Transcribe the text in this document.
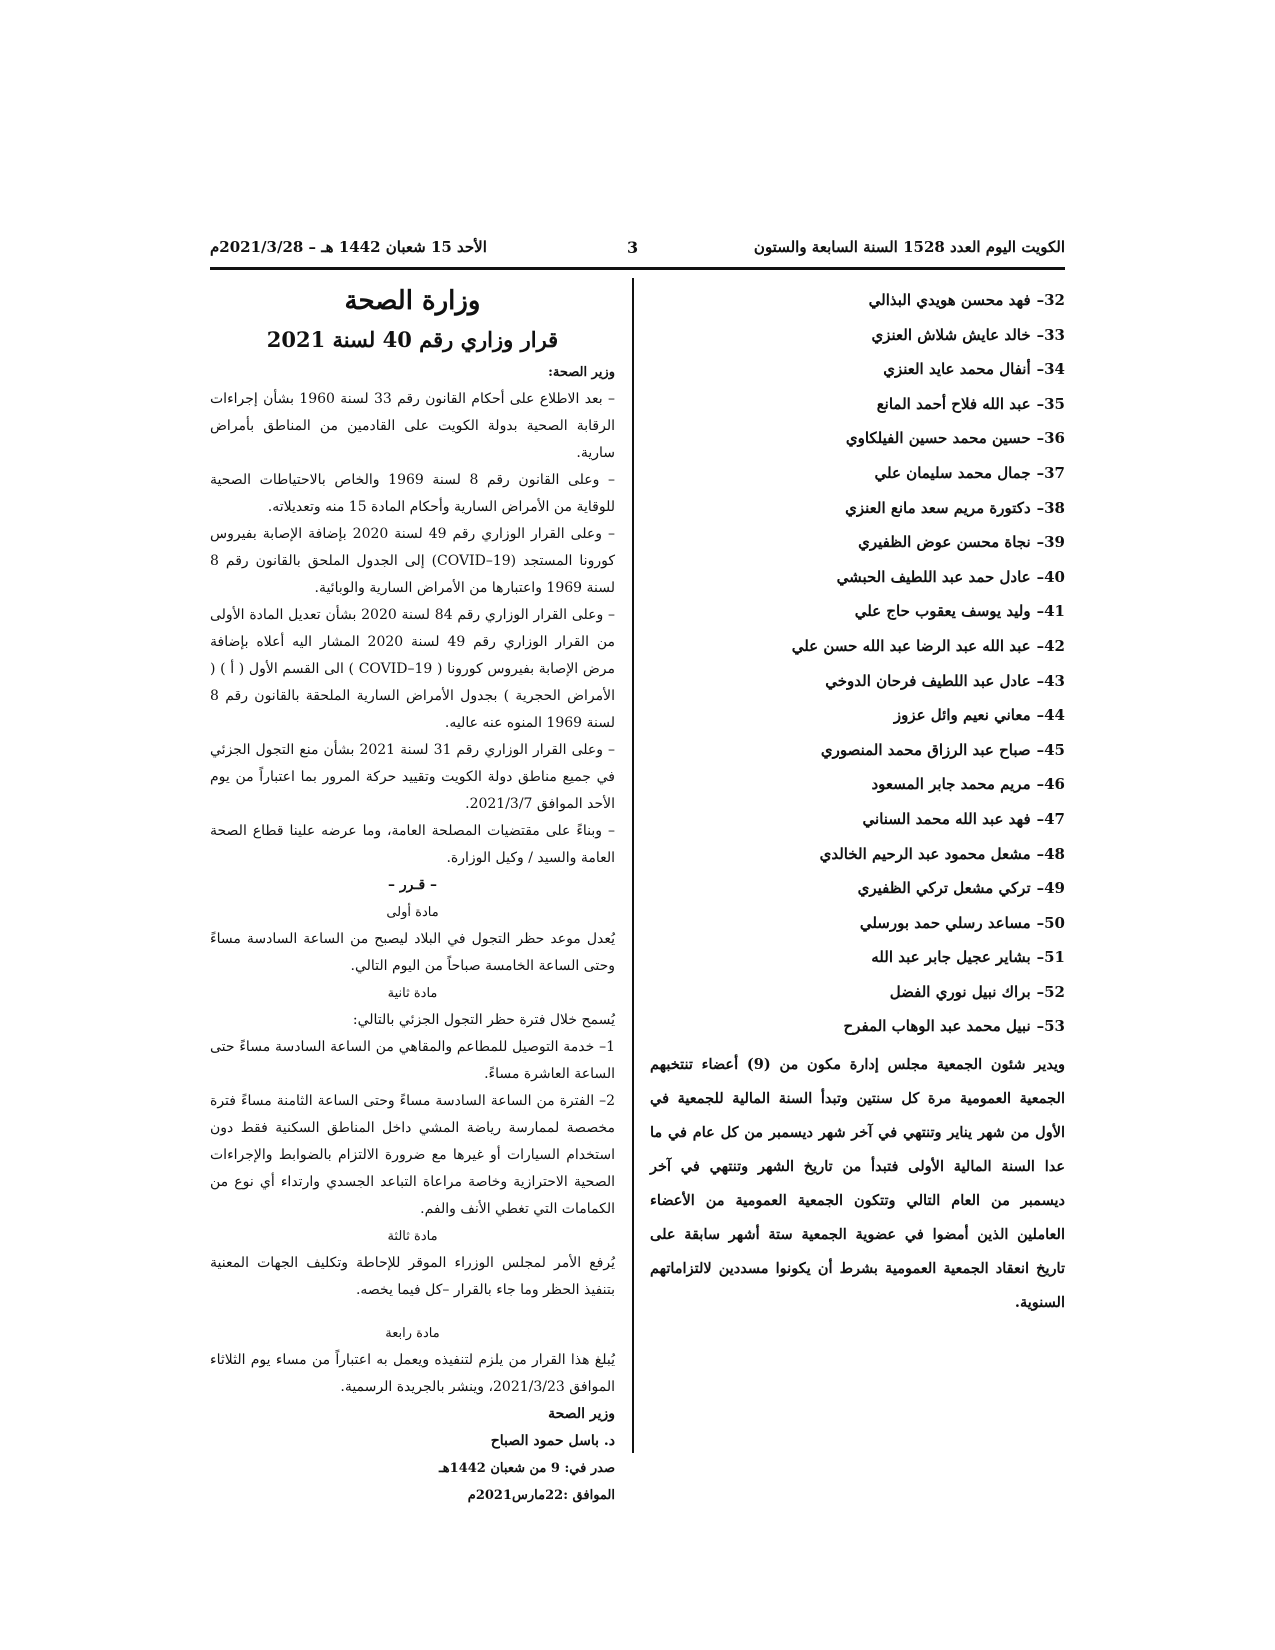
الكويت اليوم العدد 1528 السنة السابعة والستون
3
الأحد 15 شعبان 1442 هـ – 2021/3/28م
32–فهد محسن هويدي البذالي
33–خالد عايش شلاش العنزي
34–أنفال محمد عايد العنزي
35–عبد الله فلاح أحمد المانع
36–حسين محمد حسين الفيلكاوي
37–جمال محمد سليمان علي
38–دكتورة مريم سعد مانع العنزي
39–نجاة محسن عوض الظفيري
40–عادل حمد عبد اللطيف الحبشي
41–وليد يوسف يعقوب حاج علي
42–عبد الله عبد الرضا عبد الله حسن علي
43–عادل عبد اللطيف فرحان الدوخي
44–معاني نعيم وائل عزوز
45–صباح عبد الرزاق محمد المنصوري
46–مريم محمد جابر المسعود
47–فهد عبد الله محمد السناني
48–مشعل محمود عبد الرحيم الخالدي
49–تركي مشعل تركي الظفيري
50–مساعد رسلي حمد بورسلي
51–بشاير عجيل جابر عبد الله
52–براك نبيل نوري الفضل
53–نبيل محمد عبد الوهاب المفرح

ويدير شئون الجمعية مجلس إدارة مكون من (9) أعضاء تنتخبهم الجمعية العمومية مرة كل سنتين وتبدأ السنة المالية للجمعية في الأول من شهر يناير وتنتهي في آخر شهر ديسمبر من كل عام في ما عدا السنة المالية الأولى فتبدأ من تاريخ الشهر وتنتهي في آخر ديسمبر من العام التالي وتتكون الجمعية العمومية من الأعضاء العاملين الذين أمضوا في عضوية الجمعية ستة أشهر سابقة على تاريخ انعقاد الجمعية العمومية بشرط أن يكونوا مسددين لالتزاماتهم السنوية.

وزارة الصحة
قرار وزاري رقم 40 لسنة 2021

وزير الصحة:

– بعد الاطلاع على أحكام القانون رقم 33 لسنة 1960 بشأن إجراءات الرقابة الصحية بدولة الكويت على القادمين من المناطق بأمراض سارية.

– وعلى القانون رقم 8 لسنة 1969 والخاص بالاحتياطات الصحية للوقاية من الأمراض السارية وأحكام المادة 15 منه وتعديلاته.

– وعلى القرار الوزاري رقم 49 لسنة 2020 بإضافة الإصابة بفيروس كورونا المستجد (COVID–19) إلى الجدول الملحق بالقانون رقم 8 لسنة 1969 واعتبارها من الأمراض السارية والوبائية.

– وعلى القرار الوزاري رقم 84 لسنة 2020 بشأن تعديل المادة الأولى من القرار الوزاري رقم 49 لسنة 2020 المشار اليه أعلاه بإضافة مرض الإصابة بفيروس كورونا ( COVID–19 ) الى القسم الأول ( أ ) ( الأمراض الحجرية ) بجدول الأمراض السارية الملحقة بالقانون رقم 8 لسنة 1969 المنوه عنه عاليه.

– وعلى القرار الوزاري رقم 31 لسنة 2021 بشأن منع التجول الجزئي في جميع مناطق دولة الكويت وتقييد حركة المرور بما اعتباراً من يوم الأحد الموافق 2021/3/7.

– وبناءً على مقتضيات المصلحة العامة، وما عرضه علينا قطاع الصحة العامة والسيد / وكيل الوزارة.

– قـرر –

مادة أولى

يُعدل موعد حظر التجول في البلاد ليصبح من الساعة السادسة مساءً وحتى الساعة الخامسة صباحاً من اليوم التالي.

مادة ثانية

يُسمح خلال فترة حظر التجول الجزئي بالتالي:

1– خدمة التوصيل للمطاعم والمقاهي من الساعة السادسة مساءً حتى الساعة العاشرة مساءً.

2– الفترة من الساعة السادسة مساءً وحتى الساعة الثامنة مساءً فترة مخصصة لممارسة رياضة المشي داخل المناطق السكنية فقط دون استخدام السيارات أو غيرها مع ضرورة الالتزام بالضوابط والإجراءات الصحية الاحترازية وخاصة مراعاة التباعد الجسدي وارتداء أي نوع من الكمامات التي تغطي الأنف والفم.

مادة ثالثة

يُرفع الأمر لمجلس الوزراء الموقر للإحاطة وتكليف الجهات المعنية بتنفيذ الحظر وما جاء بالقرار –كل فيما يخصه.

مادة رابعة

يُبلغ هذا القرار من يلزم لتنفيذه ويعمل به اعتباراً من مساء يوم الثلاثاء الموافق 2021/3/23، وينشر بالجريدة الرسمية.

وزير الصحة

د. باسل حمود الصباح

صدر في: 9 من شعبان 1442هـ

الموافق :22مارس2021م
